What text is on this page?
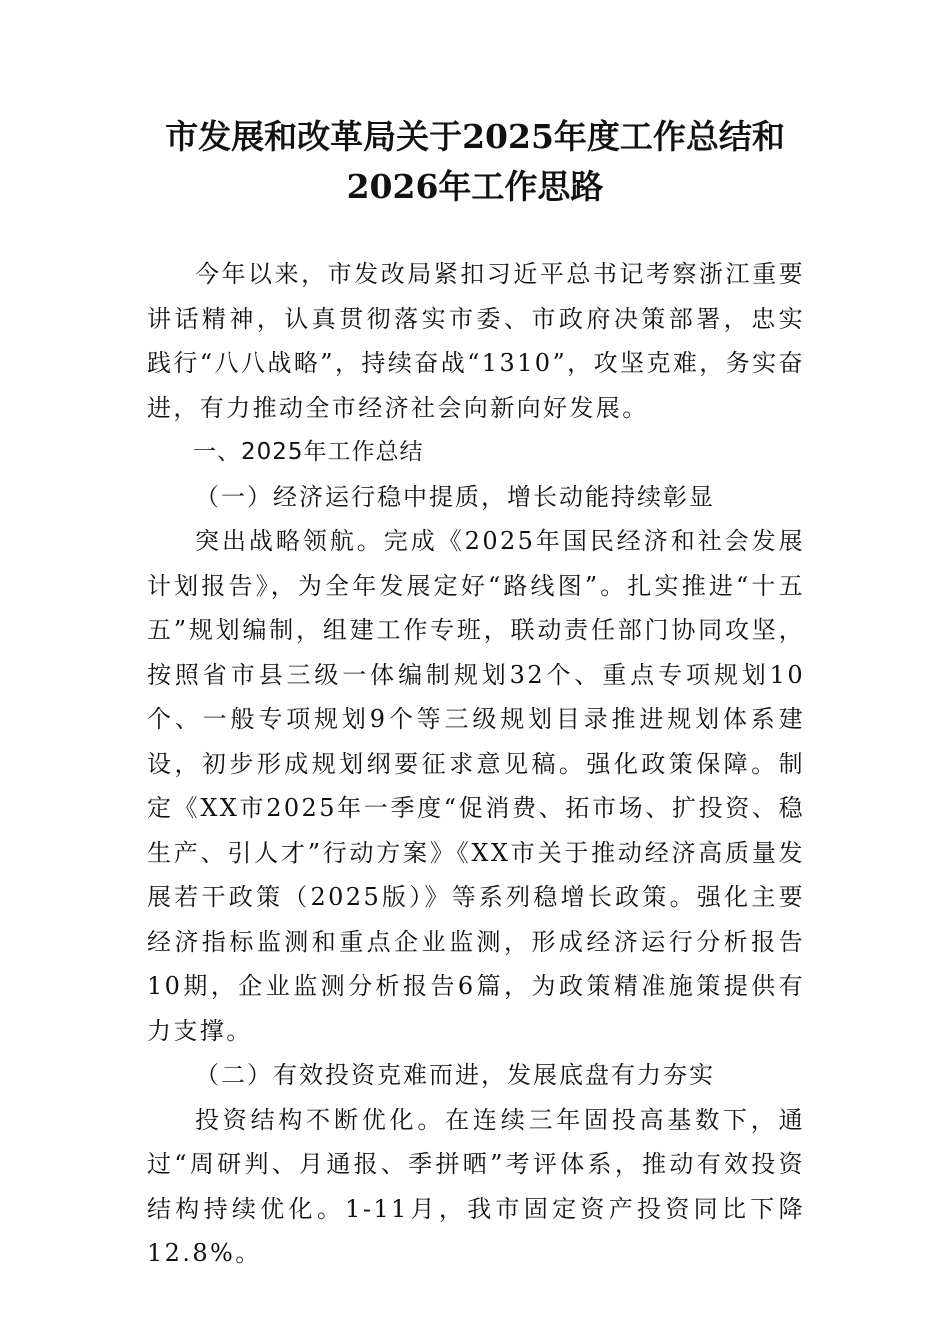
市发展和改革局关于2025年度工作总结和
2026年工作思路

今年以来，市发改局紧扣习近平总书记考察浙江重要讲话精神，认真贯彻落实市委、市政府决策部署，忠实践行“八八战略”，持续奋战“1310”，攻坚克难，务实奋进，有力推动全市经济社会向新向好发展。

一、2025年工作总结

（一）经济运行稳中提质，增长动能持续彰显

突出战略领航。完成《2025年国民经济和社会发展计划报告》，为全年发展定好“路线图”。扎实推进“十五五”规划编制，组建工作专班，联动责任部门协同攻坚，按照省市县三级一体编制规划32个、重点专项规划10个、一般专项规划9个等三级规划目录推进规划体系建设，初步形成规划纲要征求意见稿。强化政策保障。制定《XX市2025年一季度“促消费、拓市场、扩投资、稳生产、引人才”行动方案》《XX市关于推动经济高质量发展若干政策（2025版）》等系列稳增长政策。强化主要经济指标监测和重点企业监测，形成经济运行分析报告10期，企业监测分析报告6篇，为政策精准施策提供有力支撑。

（二）有效投资克难而进，发展底盘有力夯实

投资结构不断优化。在连续三年固投高基数下，通过“周研判、月通报、季拼晒”考评体系，推动有效投资结构持续优化。1-11月，我市固定资产投资同比下降12.8%。
